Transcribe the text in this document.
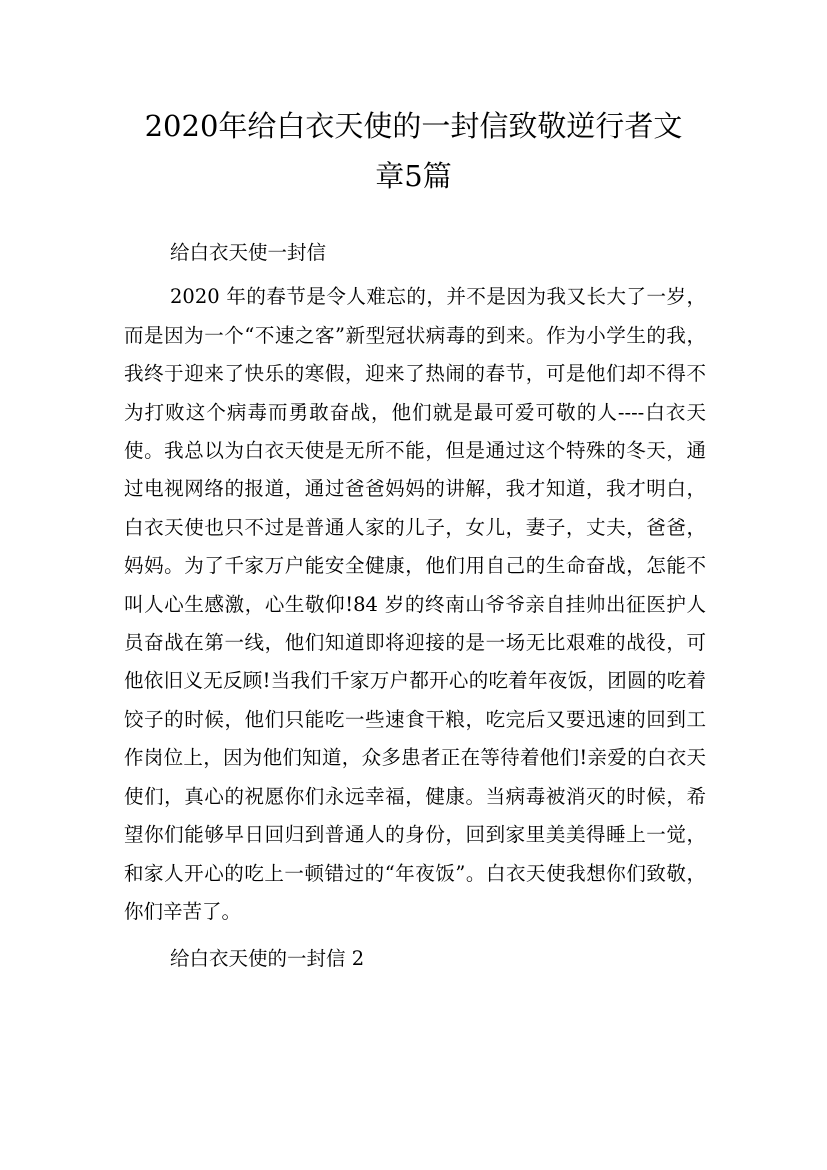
2020年给白衣天使的一封信致敬逆行者文
章5篇

给白衣天使一封信

2020 年的春节是令人难忘的，并不是因为我又长大了一岁，而是因为一个“不速之客”新型冠状病毒的到来。作为小学生的我，我终于迎来了快乐的寒假，迎来了热闹的春节，可是他们却不得不为打败这个病毒而勇敢奋战，他们就是最可爱可敬的人----白衣天使。我总以为白衣天使是无所不能，但是通过这个特殊的冬天，通过电视网络的报道，通过爸爸妈妈的讲解，我才知道，我才明白，白衣天使也只不过是普通人家的儿子，女儿，妻子，丈夫，爸爸，妈妈。为了千家万户能安全健康，他们用自己的生命奋战，怎能不叫人心生感激，心生敬仰!84 岁的终南山爷爷亲自挂帅出征医护人员奋战在第一线，他们知道即将迎接的是一场无比艰难的战役，可他依旧义无反顾!当我们千家万户都开心的吃着年夜饭，团圆的吃着饺子的时候，他们只能吃一些速食干粮，吃完后又要迅速的回到工作岗位上，因为他们知道，众多患者正在等待着他们!亲爱的白衣天使们，真心的祝愿你们永远幸福，健康。当病毒被消灭的时候，希望你们能够早日回归到普通人的身份，回到家里美美得睡上一觉，和家人开心的吃上一顿错过的“年夜饭”。白衣天使我想你们致敬，你们辛苦了。

给白衣天使的一封信 2
